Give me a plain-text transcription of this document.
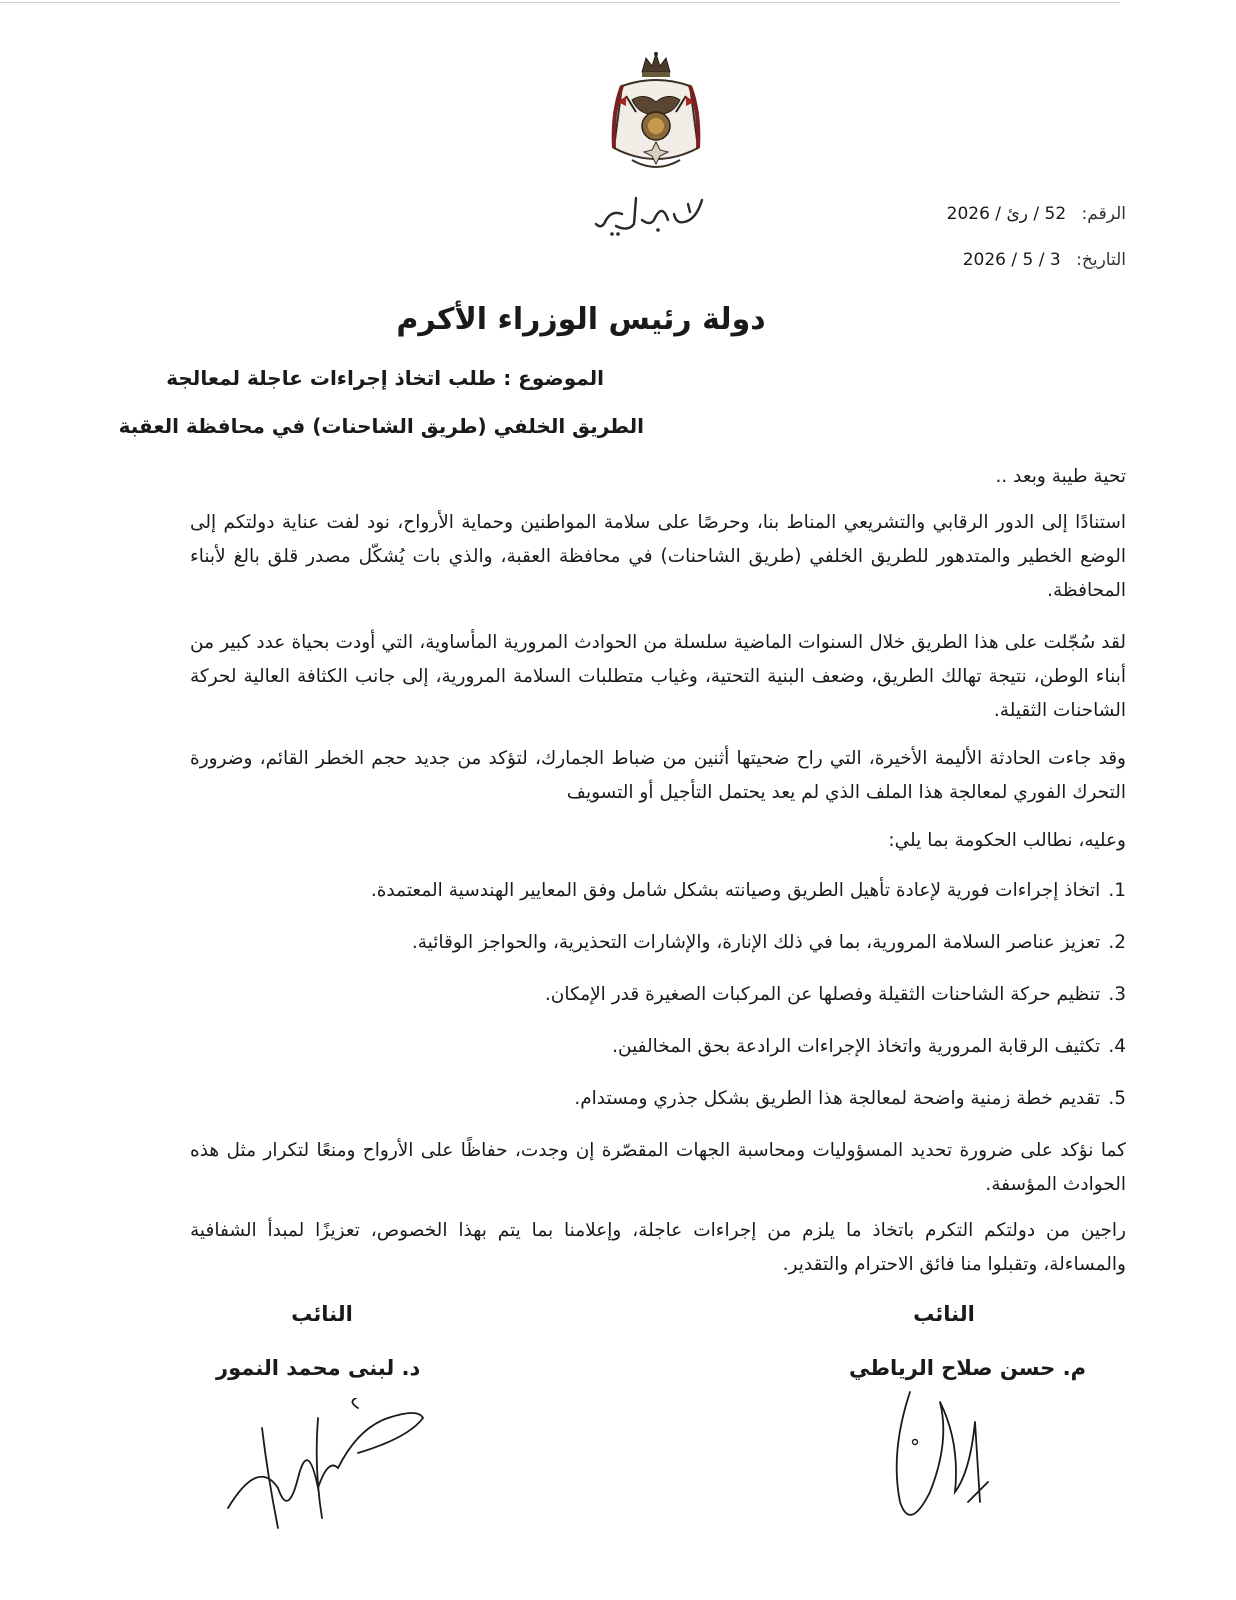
الرقم: 52 / رئ / 2026
التاريخ: 3 / 5 / 2026
دولة رئيس الوزراء الأكرم
الموضوع : طلب اتخاذ إجراءات عاجلة لمعالجة
الطريق الخلفي (طريق الشاحنات) في محافظة العقبة
تحية طيبة وبعد ..

استنادًا إلى الدور الرقابي والتشريعي المناط بنا، وحرصًا على سلامة المواطنين وحماية الأرواح، نود لفت عناية دولتكم إلى الوضع الخطير والمتدهور للطريق الخلفي (طريق الشاحنات) في محافظة العقبة، والذي بات يُشكّل مصدر قلق بالغ لأبناء المحافظة.

لقد سُجّلت على هذا الطريق خلال السنوات الماضية سلسلة من الحوادث المرورية المأساوية، التي أودت بحياة عدد كبير من أبناء الوطن، نتيجة تهالك الطريق، وضعف البنية التحتية، وغياب متطلبات السلامة المرورية، إلى جانب الكثافة العالية لحركة الشاحنات الثقيلة.

وقد جاءت الحادثة الأليمة الأخيرة، التي راح ضحيتها أثنين من ضباط الجمارك، لتؤكد من جديد حجم الخطر القائم، وضرورة التحرك الفوري لمعالجة هذا الملف الذي لم يعد يحتمل التأجيل أو التسويف

وعليه، نطالب الحكومة بما يلي:
1.اتخاذ إجراءات فورية لإعادة تأهيل الطريق وصيانته بشكل شامل وفق المعايير الهندسية المعتمدة.
2.تعزيز عناصر السلامة المرورية، بما في ذلك الإنارة، والإشارات التحذيرية، والحواجز الوقائية.
3.تنظيم حركة الشاحنات الثقيلة وفصلها عن المركبات الصغيرة قدر الإمكان.
4.تكثيف الرقابة المرورية واتخاذ الإجراءات الرادعة بحق المخالفين.
5.تقديم خطة زمنية واضحة لمعالجة هذا الطريق بشكل جذري ومستدام.

كما نؤكد على ضرورة تحديد المسؤوليات ومحاسبة الجهات المقصّرة إن وجدت، حفاظًا على الأرواح ومنعًا لتكرار مثل هذه الحوادث المؤسفة.

راجين من دولتكم التكرم باتخاذ ما يلزم من إجراءات عاجلة، وإعلامنا بما يتم بهذا الخصوص، تعزيزًا لمبدأ الشفافية والمساءلة، وتقبلوا منا فائق الاحترام والتقدير.

النائب
م. حسن صلاح الرياطي
النائب
د. لبنى محمد النمور
